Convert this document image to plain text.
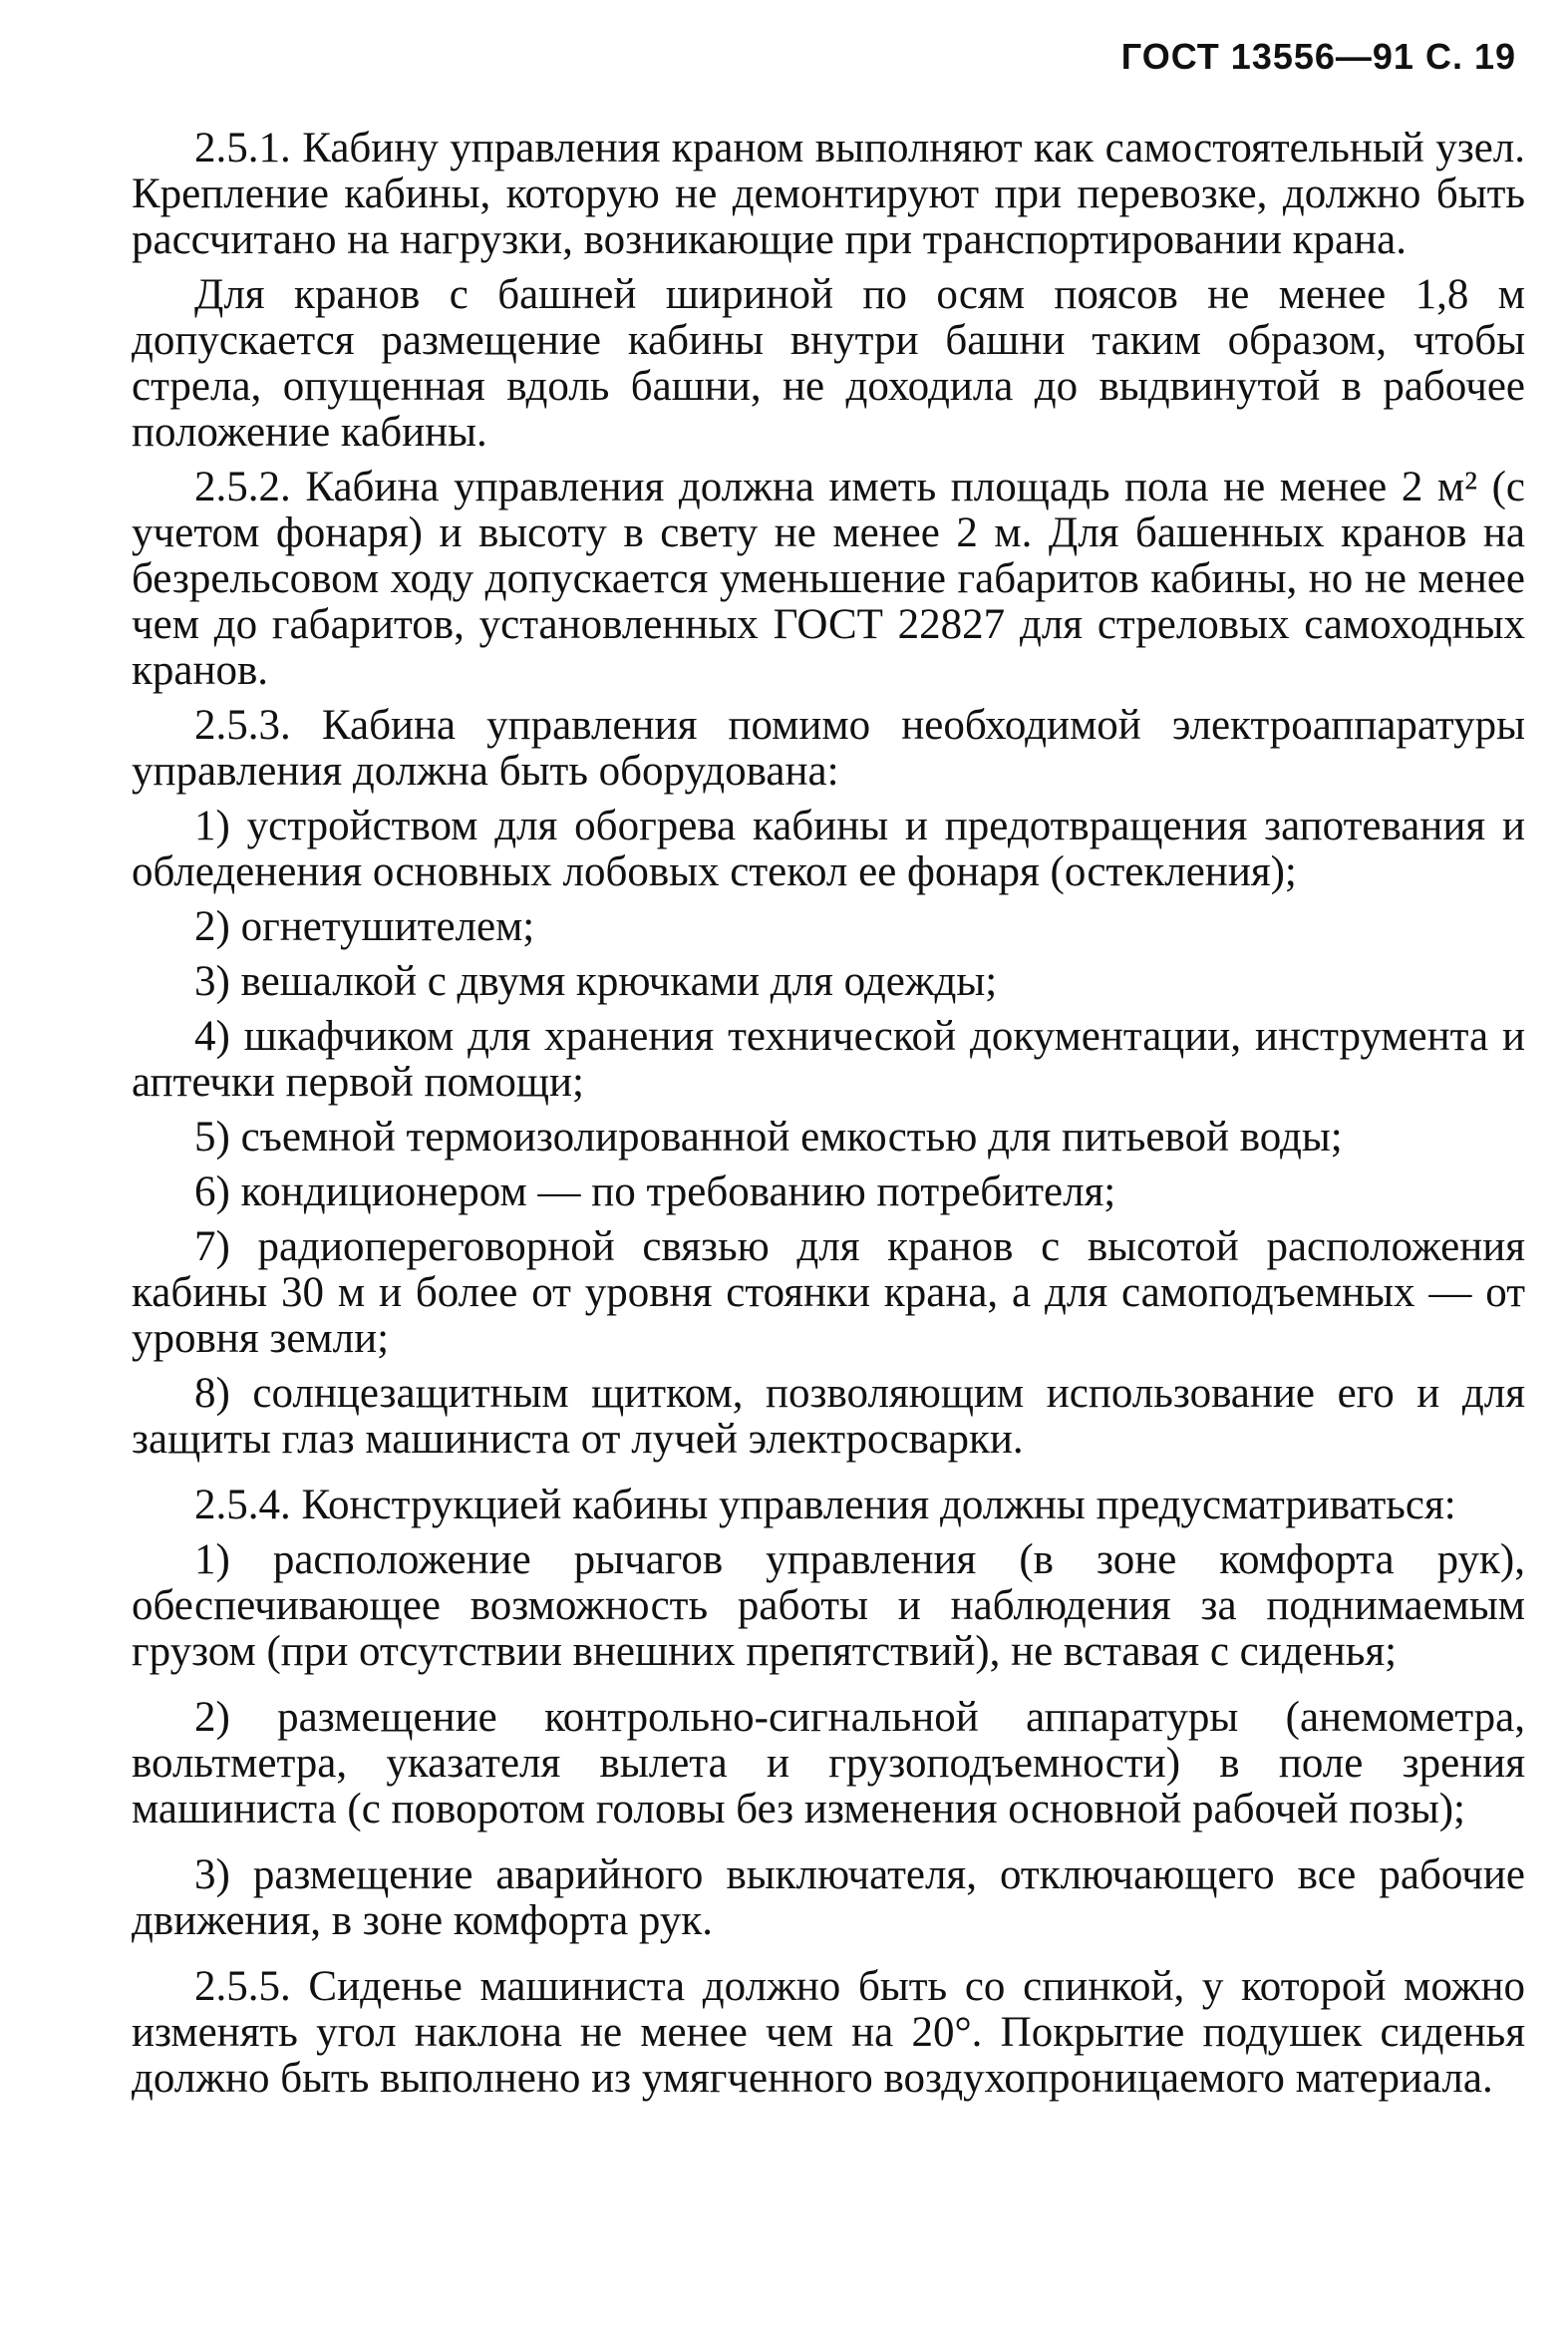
ГОСТ 13556—91 С. 19

2.5.1. Кабину управления краном выполняют как самостоятельный узел. Крепление кабины, которую не демонтируют при перевозке, должно быть рассчитано на нагрузки, возникающие при транспортировании крана.

Для кранов с башней шириной по осям поясов не менее 1,8 м допускается размещение кабины внутри башни таким образом, чтобы стрела, опущенная вдоль башни, не доходила до выдвинутой в рабочее положение кабины.

2.5.2. Кабина управления должна иметь площадь пола не менее 2 м² (с учетом фонаря) и высоту в свету не менее 2 м. Для башенных кранов на безрельсовом ходу допускается уменьшение габаритов кабины, но не менее чем до габаритов, установленных ГОСТ 22827 для стреловых самоходных кранов.

2.5.3. Кабина управления помимо необходимой электроаппаратуры управления должна быть оборудована:

1) устройством для обогрева кабины и предотвращения запотевания и обледенения основных лобовых стекол ее фонаря (остекления);

2) огнетушителем;

3) вешалкой с двумя крючками для одежды;

4) шкафчиком для хранения технической документации, инструмента и аптечки первой помощи;

5) съемной термоизолированной емкостью для питьевой воды;

6) кондиционером — по требованию потребителя;

7) радиопереговорной связью для кранов с высотой расположения кабины 30 м и более от уровня стоянки крана, а для самоподъемных — от уровня земли;

8) солнцезащитным щитком, позволяющим использование его и для защиты глаз машиниста от лучей электросварки.

2.5.4. Конструкцией кабины управления должны предусматриваться:

1) расположение рычагов управления (в зоне комфорта рук), обеспечивающее возможность работы и наблюдения за поднимаемым грузом (при отсутствии внешних препятствий), не вставая с сиденья;

2) размещение контрольно-сигнальной аппаратуры (анемометра, вольтметра, указателя вылета и грузоподъемности) в поле зрения машиниста (с поворотом головы без изменения основной рабочей позы);

3) размещение аварийного выключателя, отключающего все рабочие движения, в зоне комфорта рук.

2.5.5. Сиденье машиниста должно быть со спинкой, у которой можно изменять угол наклона не менее чем на 20°. Покрытие подушек сиденья должно быть выполнено из умягченного воздухопроницаемого материала.
